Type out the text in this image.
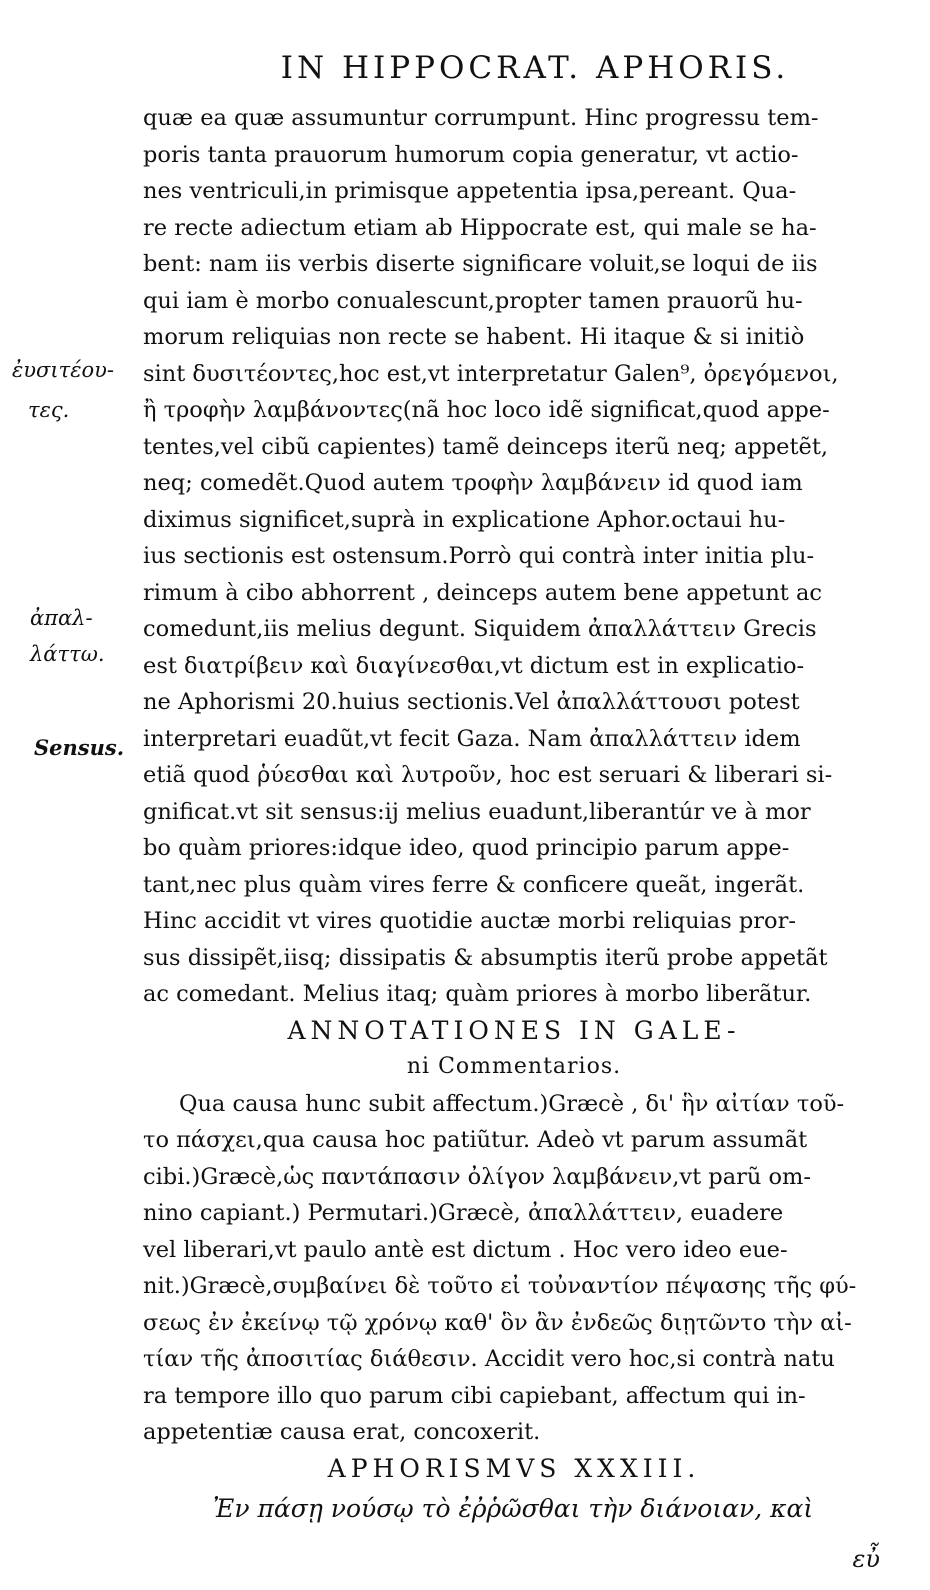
IN HIPPOCRAT. APHORIS.
ἐυσιτέου-
τες.
ἀπαλ-
λάττω.
Sensus.
quæ ea quæ assumuntur corrumpunt. Hinc progressu tem-
poris tanta prauorum humorum copia generatur, vt actio-
nes ventriculi,in primisque appetentia ipsa,pereant. Qua-
re recte adiectum etiam ab Hippocrate est, qui male se ha-
bent: nam iis verbis diserte significare voluit,se loqui de iis
qui iam è morbo conualescunt,propter tamen prauorũ hu-
morum reliquias non recte se habent. Hi itaque & si initiò
sint δυσιτέοντες,hoc est,vt interpretatur Galen⁹, ὀρεγόμενοι,
ἢ τροφὴν λαμβάνοντες(nã hoc loco idẽ significat,quod appe-
tentes,vel cibũ capientes) tamẽ deinceps iterũ neq; appetẽt,
neq; comedẽt.Quod autem τροφὴν λαμβάνειν id quod iam
diximus significet,suprà in explicatione Aphor.octaui hu-
ius sectionis est ostensum.Porrò qui contrà inter initia plu-
rimum à cibo abhorrent , deinceps autem bene appetunt ac
comedunt,iis melius degunt. Siquidem ἀπαλλάττειν Grecis
est διατρίβειν καὶ διαγίνεσθαι,vt dictum est in explicatio-
ne Aphorismi 20.huius sectionis.Vel ἀπαλλάττουσι potest
interpretari euadũt,vt fecit Gaza. Nam ἀπαλλάττειν idem
etiã quod ῥύεσθαι καὶ λυτροῦν, hoc est seruari & liberari si-
gnificat.vt sit sensus:ij melius euadunt,liberantúr ve à mor
bo quàm priores:idque ideo, quod principio parum appe-
tant,nec plus quàm vires ferre & conficere queãt, ingerãt.
Hinc accidit vt vires quotidie auctæ morbi reliquias pror-
sus dissipẽt,iisq; dissipatis & absumptis iterũ probe appetãt
ac comedant. Melius itaq; quàm priores à morbo liberãtur.
ANNOTATIONES IN GALE-
ni Commentarios.
Qua causa hunc subit affectum.)Græcè , δι' ἣν αἰτίαν τοῦ-
το πάσχει,qua causa hoc patiũtur. Adeò vt parum assumãt
cibi.)Græcè,ὡς παντάπασιν ὀλίγον λαμβάνειν,vt parũ om-
nino capiant.) Permutari.)Græcè, ἀπαλλάττειν, euadere
vel liberari,vt paulo antè est dictum . Hoc vero ideo eue-
nit.)Græcè,συμβαίνει δὲ τοῦτο εἰ τοὐναντίον πέψασης τῆς φύ-
σεως ἐν ἐκείνῳ τῷ χρόνῳ καθ' ὃν ἂν ἐνδεῶς διῃτῶντο τὴν αἰ-
τίαν τῆς ἀποσιτίας διάθεσιν. Accidit vero hoc,si contrà natu
ra tempore illo quo parum cibi capiebant, affectum qui in-
appetentiæ causa erat, concoxerit.
APHORISMVS XXXIII.
Ἐν πάσῃ νούσῳ τὸ ἐῤῥῶσθαι τὴν διάνοιαν, καὶ
εὖ
